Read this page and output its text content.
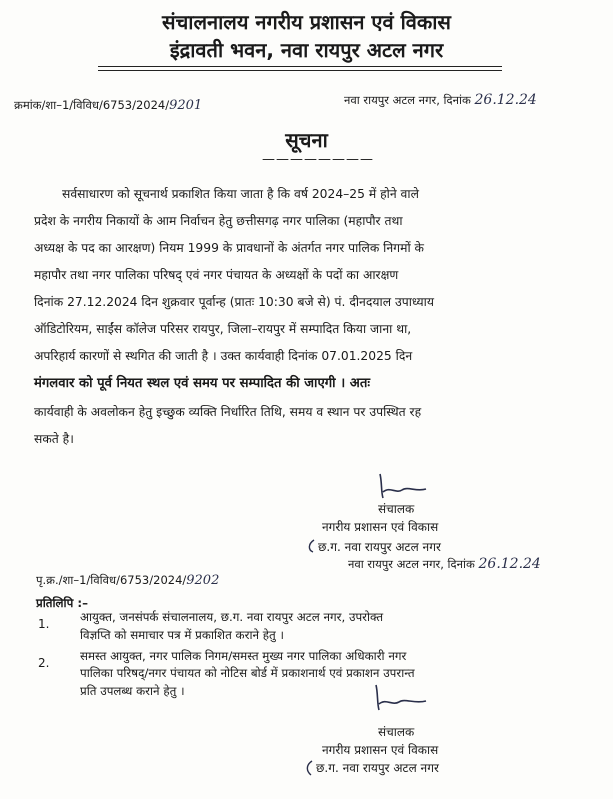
संचालनालय नगरीय प्रशासन एवं विकास
इंद्रावती भवन, नवा रायपुर अटल नगर
क्रमांक/शा–1/विविध/6753/2024/9201	नवा रायपुर अटल नगर, दिनांक 26.12.24
सूचना
————————
सर्वसाधारण को सूचनार्थ प्रकाशित किया जाता है कि वर्ष 2024–25 में होने वाले
प्रदेश के नगरीय निकायों के आम निर्वाचन हेतु छत्तीसगढ़ नगर पालिका (महापौर तथा
अध्यक्ष के पद का आरक्षण) नियम 1999 के प्रावधानों के अंतर्गत नगर पालिक निगमों के
महापौर तथा नगर पालिका परिषद् एवं नगर पंचायत के अध्यक्षों के पदों का आरक्षण
दिनांक 27.12.2024 दिन शुक्रवार पूर्वान्ह (प्रातः 10:30 बजे से) पं. दीनदयाल उपाध्याय
ऑडिटोरियम, साईंस कॉलेज परिसर रायपुर, जिला–रायपुर में सम्पादित किया जाना था,
अपरिहार्य कारणों से स्थगित की जाती है । उक्त कार्यवाही दिनांक 07.01.2025 दिन
मंगलवार को पूर्व नियत स्थल एवं समय पर सम्पादित की जाएगी । अतः
कार्यवाही के अवलोकन हेतु इच्छुक व्यक्ति निर्धारित तिथि, समय व स्थान पर उपस्थित रह
सकते है।
संचालक
नगरीय प्रशासन एवं विकास
छ.ग. नवा रायपुर अटल नगर
नवा रायपुर अटल नगर, दिनांक 26.12.24
पृ.क्र./शा–1/विविध/6753/2024/9202
प्रतिलिपि :–
1.	आयुक्त, जनसंपर्क संचालनालय, छ.ग. नवा रायपुर अटल नगर, उपरोक्त
विज्ञप्ति को समाचार पत्र में प्रकाशित कराने हेतु ।
2.	समस्त आयुक्त, नगर पालिक निगम/समस्त मुख्य नगर पालिका अधिकारी नगर
पालिका परिषद्/नगर पंचायत को नोटिस बोर्ड में प्रकाशनार्थ एवं प्रकाशन उपरान्त
प्रति उपलब्ध कराने हेतु ।
संचालक
नगरीय प्रशासन एवं विकास
छ.ग. नवा रायपुर अटल नगर
